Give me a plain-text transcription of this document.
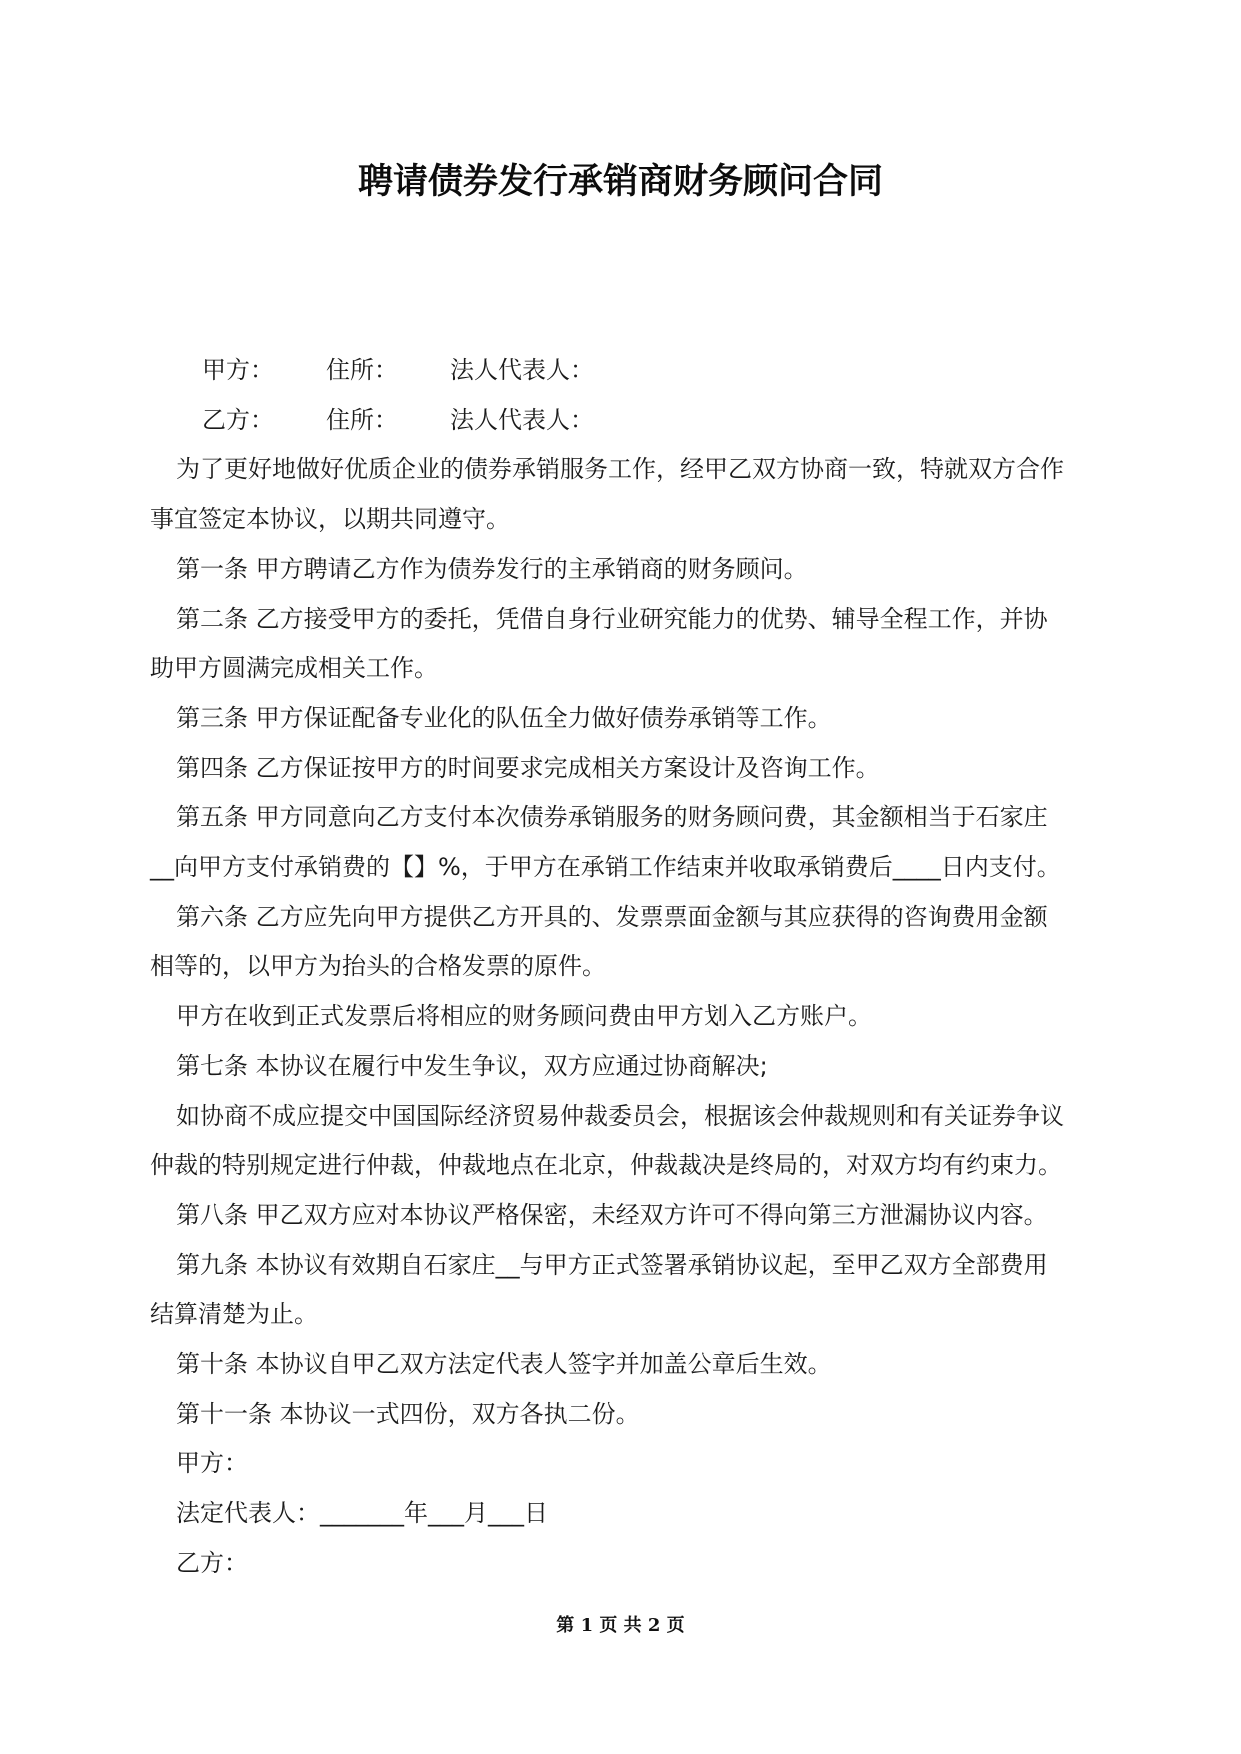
聘请债券发行承销商财务顾问合同
甲方： 住所： 法人代表人：
乙方： 住所： 法人代表人：
为了更好地做好优质企业的债券承销服务工作，经甲乙双方协商一致，特就双方合作
事宜签定本协议，以期共同遵守。
第一条 甲方聘请乙方作为债券发行的主承销商的财务顾问。
第二条 乙方接受甲方的委托，凭借自身行业研究能力的优势、辅导全程工作，并协
助甲方圆满完成相关工作。
第三条 甲方保证配备专业化的队伍全力做好债券承销等工作。
第四条 乙方保证按甲方的时间要求完成相关方案设计及咨询工作。
第五条 甲方同意向乙方支付本次债券承销服务的财务顾问费，其金额相当于石家庄
__向甲方支付承销费的【】%，于甲方在承销工作结束并收取承销费后____日内支付。
第六条 乙方应先向甲方提供乙方开具的、发票票面金额与其应获得的咨询费用金额
相等的，以甲方为抬头的合格发票的原件。
甲方在收到正式发票后将相应的财务顾问费由甲方划入乙方账户。
第七条 本协议在履行中发生争议，双方应通过协商解决;
如协商不成应提交中国国际经济贸易仲裁委员会，根据该会仲裁规则和有关证券争议
仲裁的特别规定进行仲裁，仲裁地点在北京，仲裁裁决是终局的，对双方均有约束力。
第八条 甲乙双方应对本协议严格保密，未经双方许可不得向第三方泄漏协议内容。
第九条 本协议有效期自石家庄__与甲方正式签署承销协议起，至甲乙双方全部费用
结算清楚为止。
第十条 本协议自甲乙双方法定代表人签字并加盖公章后生效。
第十一条 本协议一式四份，双方各执二份。
甲方：
法定代表人：_______年___月___日
乙方：
第 1 页 共 2 页
